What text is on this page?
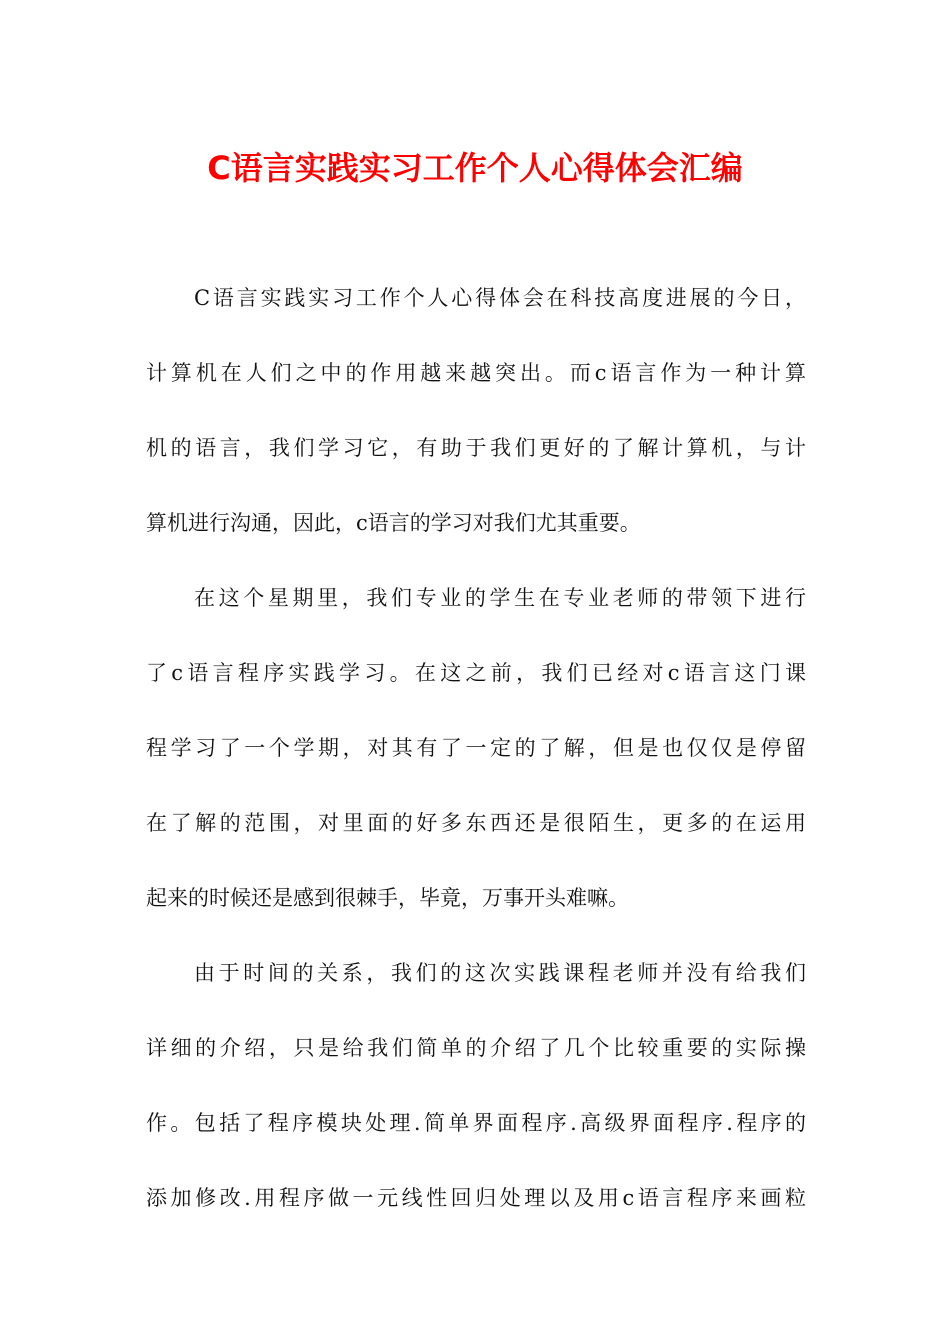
C语言实践实习工作个人心得体会汇编

C语言实践实习工作个人心得体会在科技高度进展的今日，
计算机在人们之中的作用越来越突出。而c语言作为一种计算
机的语言，我们学习它，有助于我们更好的了解计算机，与计
算机进行沟通，因此，c语言的学习对我们尤其重要。

在这个星期里，我们专业的学生在专业老师的带领下进行
了c语言程序实践学习。在这之前，我们已经对c语言这门课
程学习了一个学期，对其有了一定的了解，但是也仅仅是停留
在了解的范围，对里面的好多东西还是很陌生，更多的在运用
起来的时候还是感到很棘手，毕竟，万事开头难嘛。

由于时间的关系，我们的这次实践课程老师并没有给我们
详细的介绍，只是给我们简单的介绍了几个比较重要的实际操
作。包括了程序模块处理.简单界面程序.高级界面程序.程序的
添加修改.用程序做一元线性回归处理以及用c语言程序来画粒
